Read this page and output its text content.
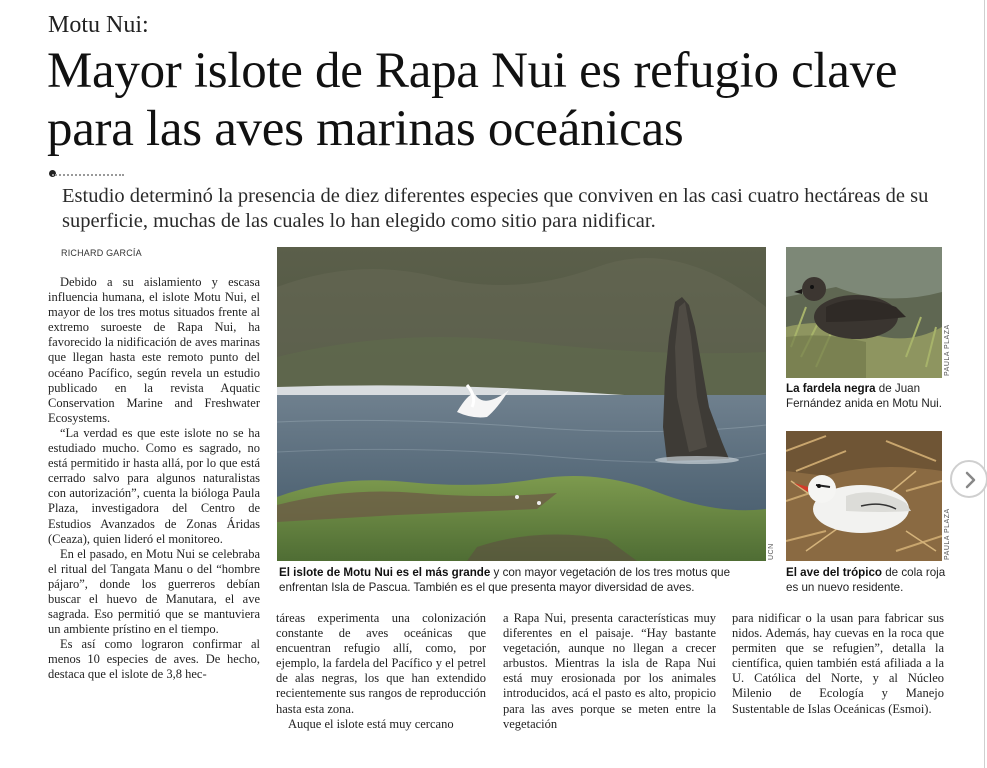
Motu Nui:
Mayor islote de Rapa Nui es refugio clave para las aves marinas oceánicas

Estudio determinó la presencia de diez diferentes especies que conviven en las casi cuatro hectáreas de su superficie, muchas de las cuales lo han elegido como sitio para nidificar.

RICHARD GARCÍA

Debido a su aislamiento y escasa influencia humana, el islote Motu Nui, el mayor de los tres motus situados frente al extremo suroeste de Rapa Nui, ha favorecido la nidificación de aves marinas que llegan hasta este remoto punto del océano Pacífico, según revela un estudio publicado en la revista Aquatic Conservation Marine and Freshwater Ecosystems.

“La verdad es que este islote no se ha estudiado mucho. Como es sagrado, no está permitido ir hasta allá, por lo que está cerrado salvo para algunos naturalistas con autorización”, cuenta la bióloga Paula Plaza, investigadora del Centro de Estudios Avanzados de Zonas Áridas (Ceaza), quien lideró el monitoreo.

En el pasado, en Motu Nui se celebraba el ritual del Tangata Manu o del “hombre pájaro”, donde los guerreros debían buscar el huevo de Manutara, el ave sagrada. Eso permitió que se mantuviera un ambiente prístino en el tiempo.

Es así como lograron confirmar al menos 10 especies de aves. De hecho, destaca que el islote de 3,8 hec-

táreas experimenta una colonización constante de aves oceánicas que encuentran refugio allí, como, por ejemplo, la fardela del Pacífico y el petrel de alas negras, los que han extendido recientemente sus rangos de reproducción hasta esta zona.

Auque el islote está muy cercano

a Rapa Nui, presenta características muy diferentes en el paisaje. “Hay bastante vegetación, aunque no llegan a crecer arbustos. Mientras la isla de Rapa Nui está muy erosionada por los animales introducidos, acá el pasto es alto, propicio para las aves porque se meten entre la vegetación

para nidificar o la usan para fabricar sus nidos. Además, hay cuevas en la roca que permiten que se refugien”, detalla la científica, quien también está afiliada a la U. Católica del Norte, y al Núcleo Milenio de Ecología y Manejo Sustentable de Islas Oceánicas (Esmoi).

UCN

El islote de Motu Nui es el más grande y con mayor vegetación de los tres motus que enfrentan Isla de Pascua. También es el que presenta mayor diversidad de aves.

PAULA PLAZA

La fardela negra de Juan Fernández anida en Motu Nui.

PAULA PLAZA

El ave del trópico de cola roja es un nuevo residente.
